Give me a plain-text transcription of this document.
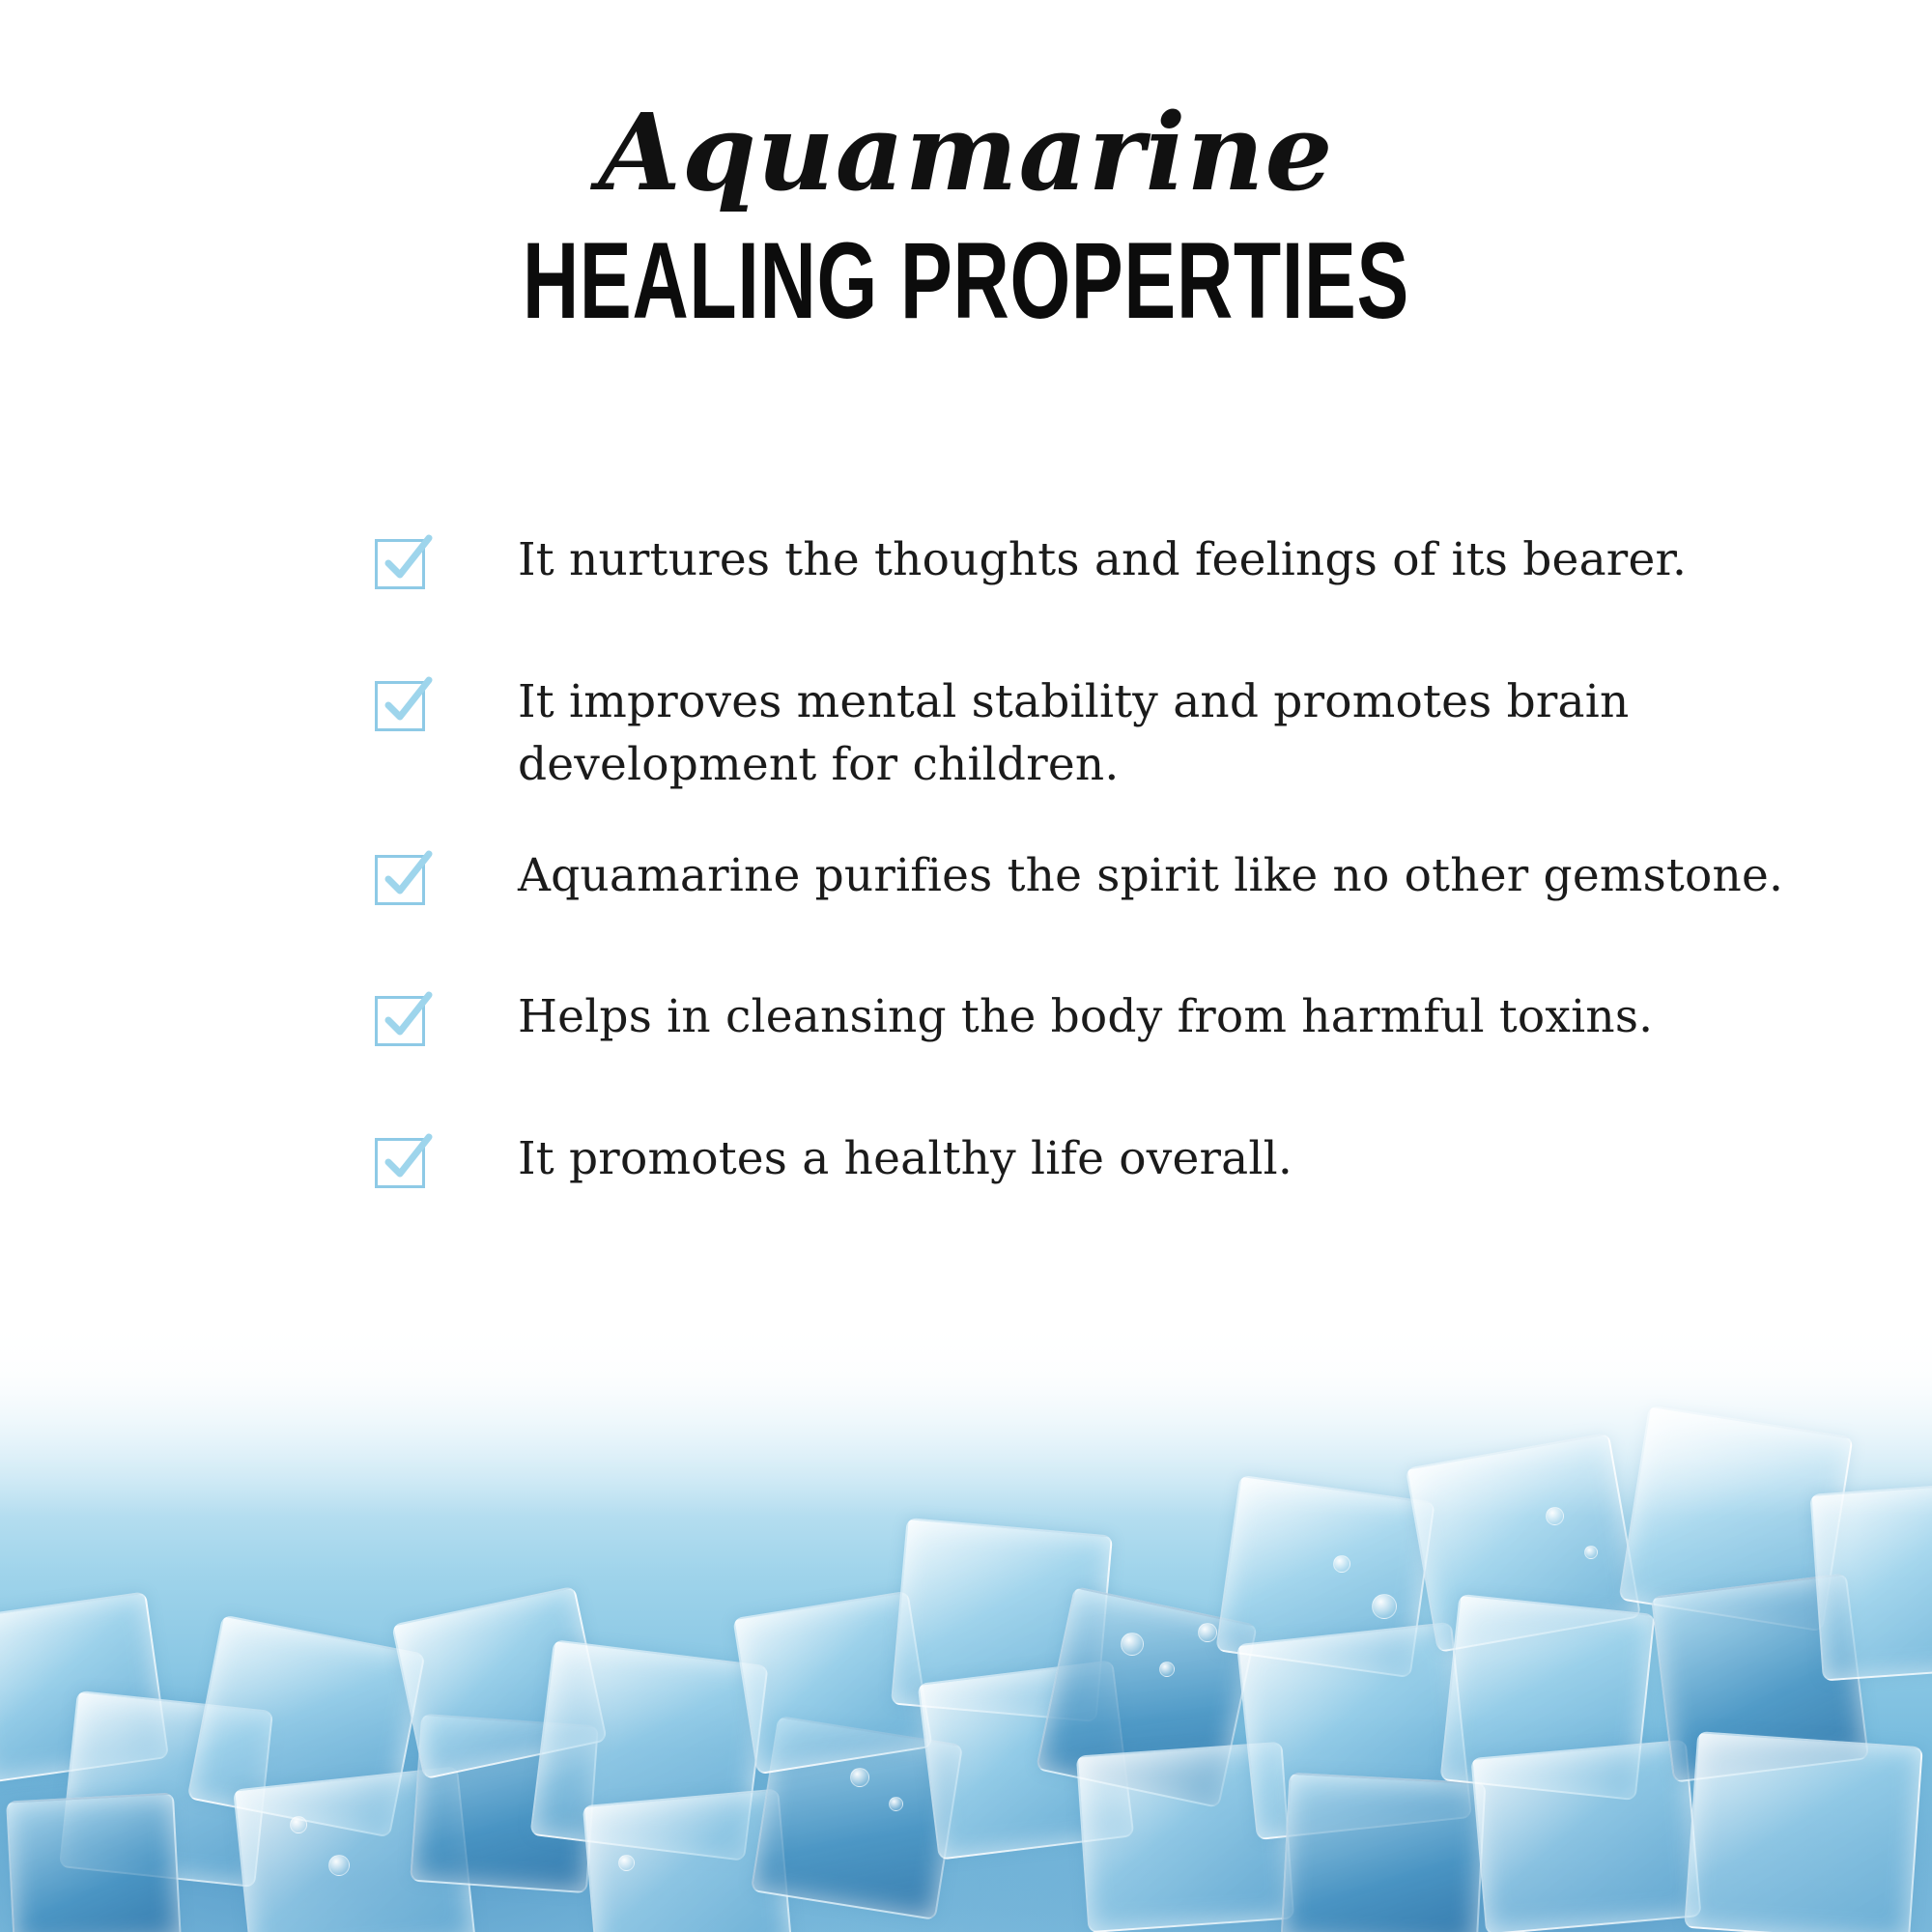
Aquamarine
HEALING PROPERTIES
It nurtures the thoughts and feelings of its bearer.
It improves mental stability and promotes brain development for children.
Aquamarine purifies the spirit like no other gemstone.
Helps in cleansing the body from harmful toxins.
It promotes a healthy life overall.
